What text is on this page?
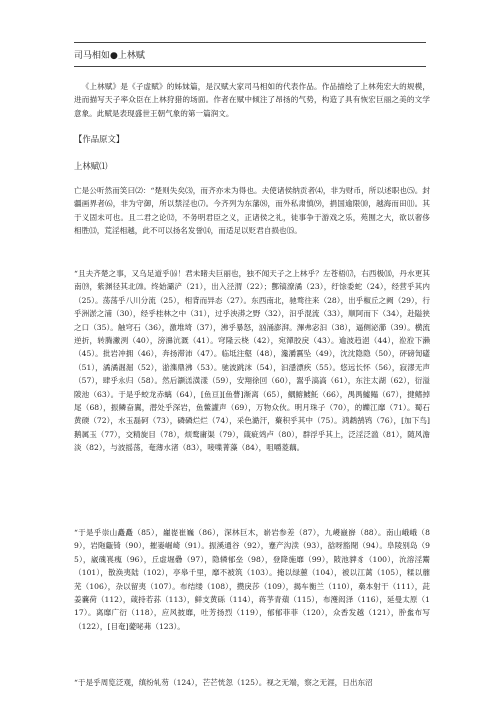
司马相如●上林赋
《上林赋》是《子虚赋》的姊妹篇，是汉赋大家司马相如的代表作品。作品描绘了上林苑宏大的规模，进而描写天子率众臣在上林狩猎的场面。作者在赋中倾注了昂扬的气势，构造了具有恢宏巨丽之美的文学意象。此赋是表现盛世王朝气象的第一篇润文。
【作品原文】
上林赋⑴
亡是公听然而笑曰⑵：“楚则失矣⑶，而齐亦未为得也。夫使诸侯纳贡者⑷，非为财币，所以述职也⑸。封疆画界者⑹，非为守御，所以禁淫也⑺。今齐列为东藩⑻，而外私肃慎⑼，捐国逾限⑽，越海而田⑾。其于义固未可也。且二君之论⑿，不务明君臣之义，正诸侯之礼，徒事争于游戏之乐，苑囿之大，欲以奢侈相胜⒀，荒淫相越，此不可以扬名发誉⒁，而适足以贬君自损也⒂。
“且夫齐楚之事，又乌足道乎⒃！君未睹夫巨丽也，独不闻天子之上林乎？左苍梧⒄，右西极⒅，丹水更其南⒆，紫渊径其北⒇。终始灞浐（21），出入泾渭（22）；酆镐潦潏（23），纡馀委蛇（24），经营乎其内（25）。荡荡乎八川分流（25），相背而异态（27）。东西南北，驰骛往来（28），出乎椒丘之阙（29），行乎洲淤之浦（30），经乎桂林之中（31），过乎泱漭之野（32），汩乎混流（33），顺阿而下（34），赴隘狭之口（35）。触穹石（36），激堆埼（37），沸乎暴怒，汹涌澎湃。滭弗宓汩（38），逼侧泌瀄（39）。横流逆折，转腾潎洌（40），滂濞沆溉（41）。穹隆云桡（42），宛潬胶戾（43）。逾波趋浥（44），涖涖下濑（45）。批岩冲拥（46），奔扬滞沛（47）。临坻注壑（48），瀺灂霣坠（49），沈沈隐隐（50），砰磅訇礚（51），潏潏淈淈（52），湁潗鼎沸（53）。驰波跳沫（54），汩濦漂疾（55）。悠远长怀（56），寂漻无声（57），肆乎永归（58）。然后灏溔潢漾（59），安翔徐回（60），翯乎滈滈（61），东注太湖（62），衍溢陂池（63）。于是乎蛟龙赤螭（64），[鱼亘][鱼瞢]渐离（65），鰅鰫鰬魠（66），禺禺鱋鳎（67），揵鳍掉尾（68），振鳞奋翼，潜处乎深岩，鱼鳖讙声（69），万物众伙。明月珠子（70），的皪江靡（71）。蜀石黄碝（72），水玉磊砢（73），磷磷烂烂（74），采色澔汗，藂积乎其中（75）。鸿鹔鹄鸨（76），[加下鸟]鹅属玉（77），交精旋目（78），烦鹜庸渠（79），箴疵䴔卢（80），群浮乎其上，泛淫泛滥（81），随风澹淡（82），与波摇荡，奄薄水渚（83），唼喋菁藻（84），咀嚼菱藕。
“于是乎崇山矗矗（85），巃嵸崔巍（86），深林巨木，崭岩参差（87），九嵕巀嶭（88）。南山峨峨（89），岩陁甗锜（90），摧崣崛崎（91）。振溪通谷（92），蹇产沟渎（93），谽呀豁閜（94）。阜陵别岛（95），崴磈嵔瘣（96），丘虚堀礨（97），隐辚郁垒（98），登降施靡（99），陂池貏豸（100），沇溶淫鬻（101），散涣夷陆（102），亭皋千里，靡不被筑（103）。掩以绿蕙（104），被以江蓠（105），糅以蘼芜（106），杂以留夷（107）。布结缕（108），攒戾莎（109），揭车衡兰（110），槀本射干（111），茈姜蘘荷（112），葴持若荪（113），鲜支黄砾（114），蒋芧青薠（115），布濩闳泽（116），延曼太原（117）。离靡广衍（118），应风披靡，吐芳扬烈（119），郁郁菲菲（120），众香发越（121），肸蚃布写（122），[目奄]薆咇茀（123）。
“于是乎周览泛观，缜纷轧芴（124），芒芒恍忽（125）。视之无端，察之无涯，日出东沼
